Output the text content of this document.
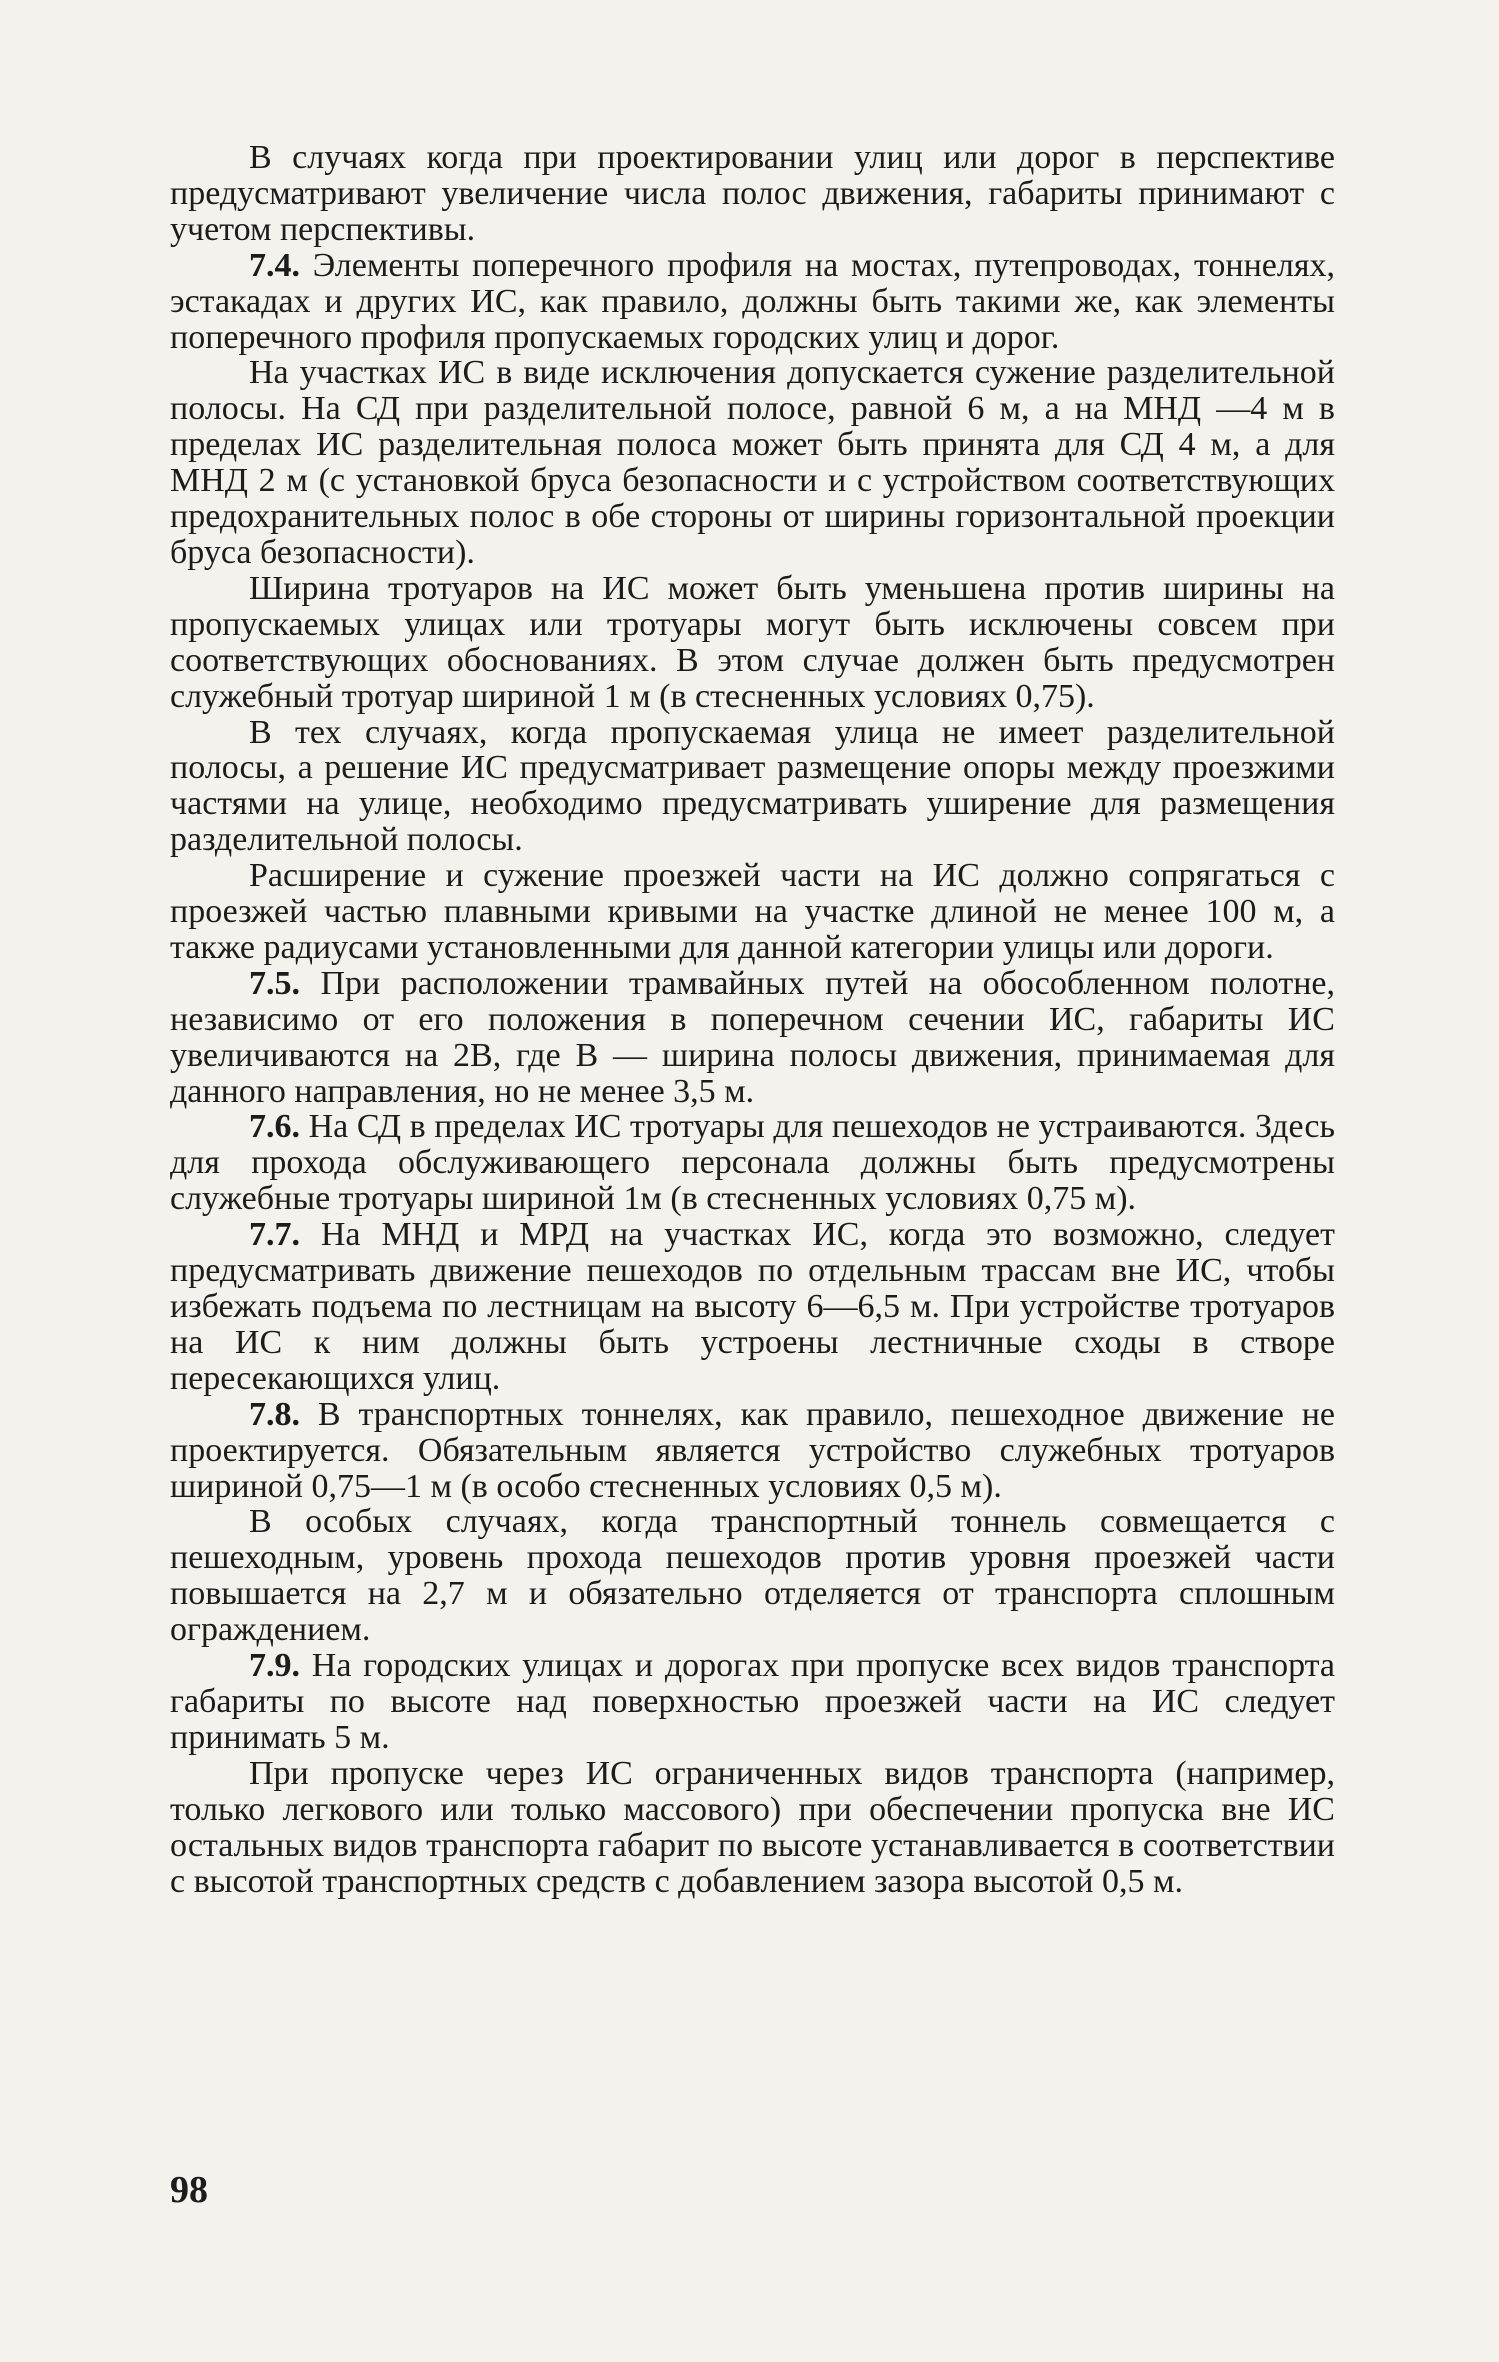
В случаях когда при проектировании улиц или дорог в перспективе предусматривают увеличение числа полос движения, габариты принимают с учетом перспективы.

7.4. Элементы поперечного профиля на мостах, путепроводах, тоннелях, эстакадах и других ИС, как правило, должны быть такими же, как элементы поперечного профиля пропускаемых городских улиц и дорог.

На участках ИС в виде исключения допускается сужение разделительной полосы. На СД при разделительной полосе, равной 6 м, а на МНД —4 м в пределах ИС разделительная полоса может быть принята для СД 4 м, а для МНД 2 м (с установкой бруса безопасности и с устройством соответствующих предохранительных полос в обе стороны от ширины горизонтальной проекции бруса безопасности).

Ширина тротуаров на ИС может быть уменьшена против ширины на пропускаемых улицах или тротуары могут быть исключены совсем при соответствующих обоснованиях. В этом случае должен быть предусмотрен служебный тротуар шириной 1 м (в стесненных условиях 0,75).

В тех случаях, когда пропускаемая улица не имеет разделительной полосы, а решение ИС предусматривает размещение опоры между проезжими частями на улице, необходимо предусматривать уширение для размещения разделительной полосы.

Расширение и сужение проезжей части на ИС должно сопрягаться с проезжей частью плавными кривыми на участке длиной не менее 100 м, а также радиусами установленными для данной категории улицы или дороги.

7.5. При расположении трамвайных путей на обособленном полотне, независимо от его положения в поперечном сечении ИС, габариты ИС увеличиваются на 2В, где В — ширина полосы движения, принимаемая для данного направления, но не менее 3,5 м.

7.6. На СД в пределах ИС тротуары для пешеходов не устраиваются. Здесь для прохода обслуживающего персонала должны быть предусмотрены служебные тротуары шириной 1м (в стесненных условиях 0,75 м).

7.7. На МНД и МРД на участках ИС, когда это возможно, следует предусматривать движение пешеходов по отдельным трассам вне ИС, чтобы избежать подъема по лестницам на высоту 6—6,5 м. При устройстве тротуаров на ИС к ним должны быть устроены лестничные сходы в створе пересекающихся улиц.

7.8. В транспортных тоннелях, как правило, пешеходное движение не проектируется. Обязательным является устройство служебных тротуаров шириной 0,75—1 м (в особо стесненных условиях 0,5 м).

В особых случаях, когда транспортный тоннель совмещается с пешеходным, уровень прохода пешеходов против уровня проезжей части повышается на 2,7 м и обязательно отделяется от транспорта сплошным ограждением.

7.9. На городских улицах и дорогах при пропуске всех видов транспорта габариты по высоте над поверхностью проезжей части на ИС следует принимать 5 м.

При пропуске через ИС ограниченных видов транспорта (например, только легкового или только массового) при обеспечении пропуска вне ИС остальных видов транспорта габарит по высоте устанавливается в соответствии с высотой транспортных средств с добавлением зазора высотой 0,5 м.

98
